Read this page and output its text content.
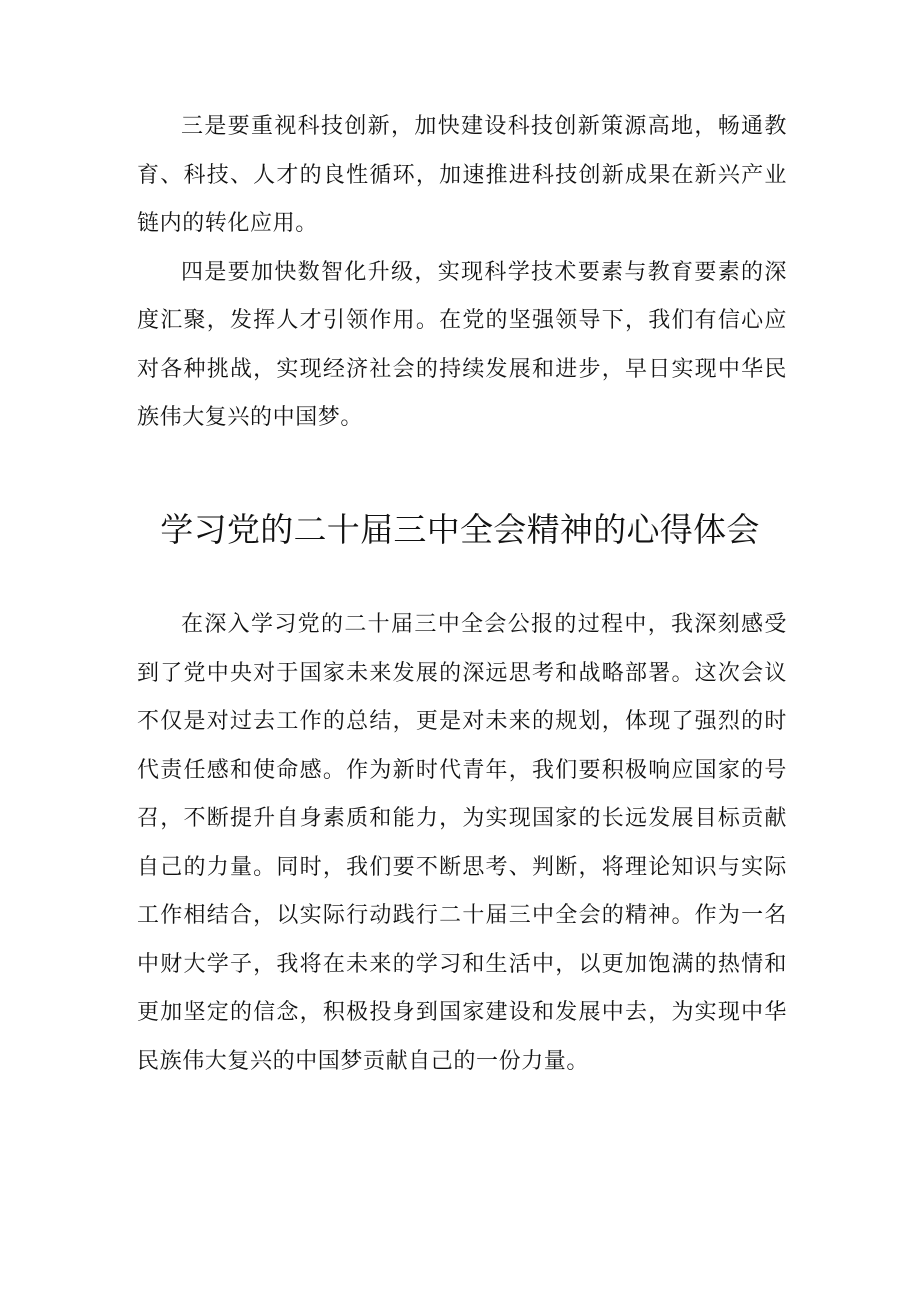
三是要重视科技创新，加快建设科技创新策源高地，畅通教育、科技、人才的良性循环，加速推进科技创新成果在新兴产业链内的转化应用。

四是要加快数智化升级，实现科学技术要素与教育要素的深度汇聚，发挥人才引领作用。在党的坚强领导下，我们有信心应对各种挑战，实现经济社会的持续发展和进步，早日实现中华民族伟大复兴的中国梦。

学习党的二十届三中全会精神的心得体会

在深入学习党的二十届三中全会公报的过程中，我深刻感受到了党中央对于国家未来发展的深远思考和战略部署。这次会议不仅是对过去工作的总结，更是对未来的规划，体现了强烈的时代责任感和使命感。作为新时代青年，我们要积极响应国家的号召，不断提升自身素质和能力，为实现国家的长远发展目标贡献自己的力量。同时，我们要不断思考、判断，将理论知识与实际工作相结合，以实际行动践行二十届三中全会的精神。作为一名中财大学子，我将在未来的学习和生活中，以更加饱满的热情和更加坚定的信念，积极投身到国家建设和发展中去，为实现中华民族伟大复兴的中国梦贡献自己的一份力量。
